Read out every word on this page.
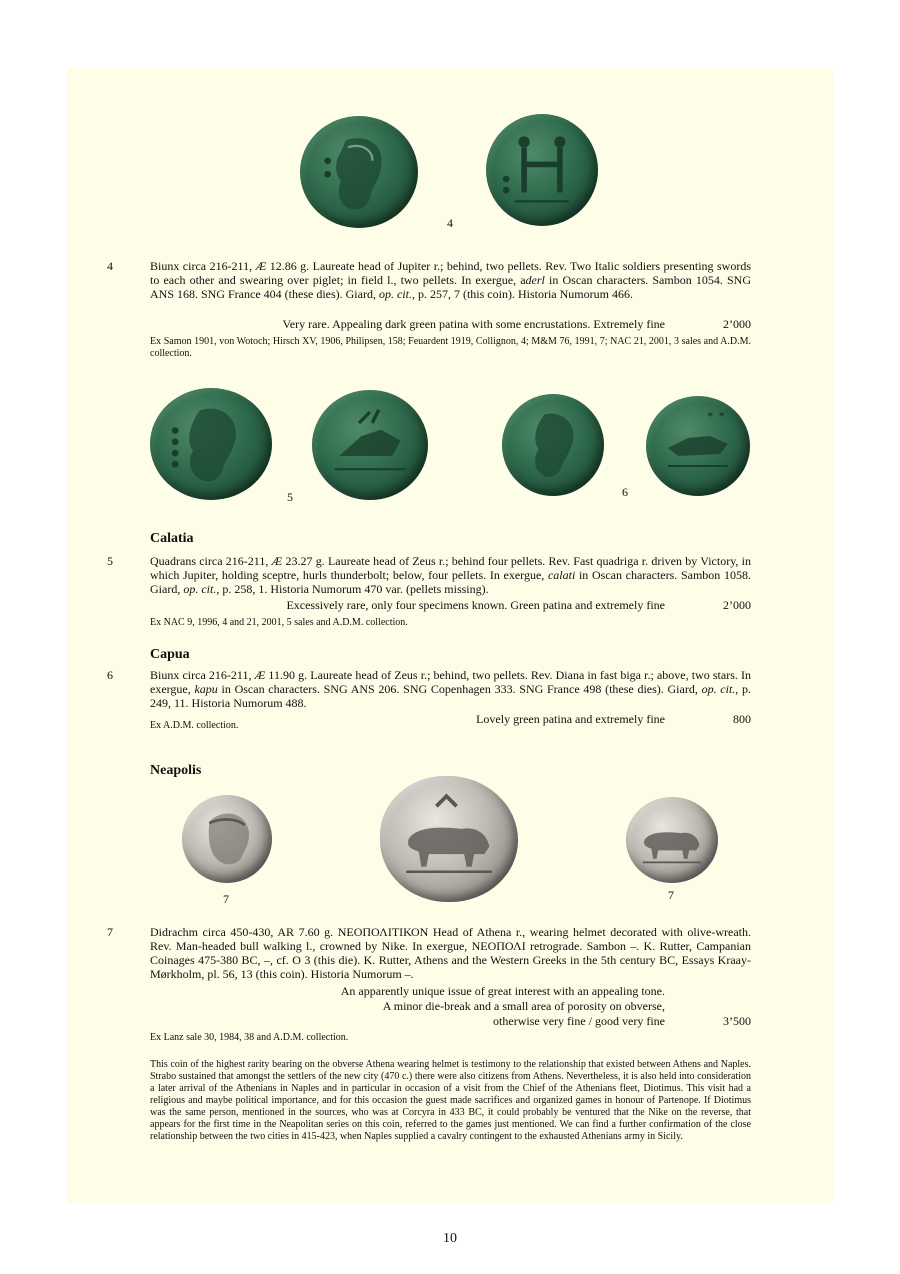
4
4	Biunx circa 216-211, Æ 12.86 g. Laureate head of Jupiter r.; behind, two pellets. Rev. Two Italic soldiers presenting swords to each other and swearing over piglet; in field l., two pellets. In exergue, aderl in Oscan characters. Sambon 1054. SNG ANS 168. SNG France 404 (these dies). Giard, op. cit., p. 257, 7 (this coin). Historia Numorum 466.

Very rare. Appealing dark green patina with some encrustations. Extremely fine	2’000
Ex Samon 1901, von Wotoch; Hirsch XV, 1906, Philipsen, 158; Feuardent 1919, Collignon, 4; M&M 76, 1991, 7; NAC 21, 2001, 3 sales and A.D.M. collection.
5
✶ ✶
6
Calatia
5	Quadrans circa 216-211, Æ 23.27 g. Laureate head of Zeus r.; behind four pellets. Rev. Fast quadriga r. driven by Victory, in which Jupiter, holding sceptre, hurls thunderbolt; below, four pellets. In exergue, calati in Oscan characters. Sambon 1058. Giard, op. cit., p. 258, 1. Historia Numorum 470 var. (pellets missing).

Excessively rare, only four specimens known. Green patina and extremely fine	2’000
Ex NAC 9, 1996, 4 and 21, 2001, 5 sales and A.D.M. collection.
Capua
6	Biunx circa 216-211, Æ 11.90 g. Laureate head of Zeus r.; behind, two pellets. Rev. Diana in fast biga r.; above, two stars. In exergue, kapu in Oscan characters. SNG ANS 206. SNG Copenhagen 333. SNG France 498 (these dies). Giard, op. cit., p. 249, 11. Historia Numorum 488.

Lovely green patina and extremely fine	800
Ex A.D.M. collection.
Neapolis
7	7
7	Didrachm circa 450-430, AR 7.60 g. ΝΕΟΠΟΛΙΤΙΚΟΝ Head of Athena r., wearing helmet decorated with olive-wreath. Rev. Man-headed bull walking l., crowned by Nike. In exergue, ΝΕΟΠΟΛΙ retrograde. Sambon –. K. Rutter, Campanian Coinages 475-380 BC, –, cf. O 3 (this die). K. Rutter, Athens and the Western Greeks in the 5th century BC, Essays Kraay-Mørkholm, pl. 56, 13 (this coin). Historia Numorum –.

An apparently unique issue of great interest with an appealing tone.
A minor die-break and a small area of porosity on obverse,
otherwise very fine / good very fine	3’500
Ex Lanz sale 30, 1984, 38 and A.D.M. collection.
This coin of the highest rarity bearing on the obverse Athena wearing helmet is testimony to the relationship that existed between Athens and Naples. Strabo sustained that amongst the settlers of the new city (470 c.) there were also citizens from Athens. Nevertheless, it is also held into consideration a later arrival of the Athenians in Naples and in particular in occasion of a visit from the Chief of the Athenians fleet, Diotimus. This visit had a religious and maybe political importance, and for this occasion the guest made sacrifices and organized games in honour of Partenope. If Diotimus was the same person, mentioned in the sources, who was at Corcyra in 433 BC, it could probably be ventured that the Nike on the reverse, that appears for the first time in the Neapolitan series on this coin, referred to the games just mentioned. We can find a further confirmation of the close relationship between the two cities in 415-423, when Naples supplied a cavalry contingent to the exhausted Athenians army in Sicily.
10
